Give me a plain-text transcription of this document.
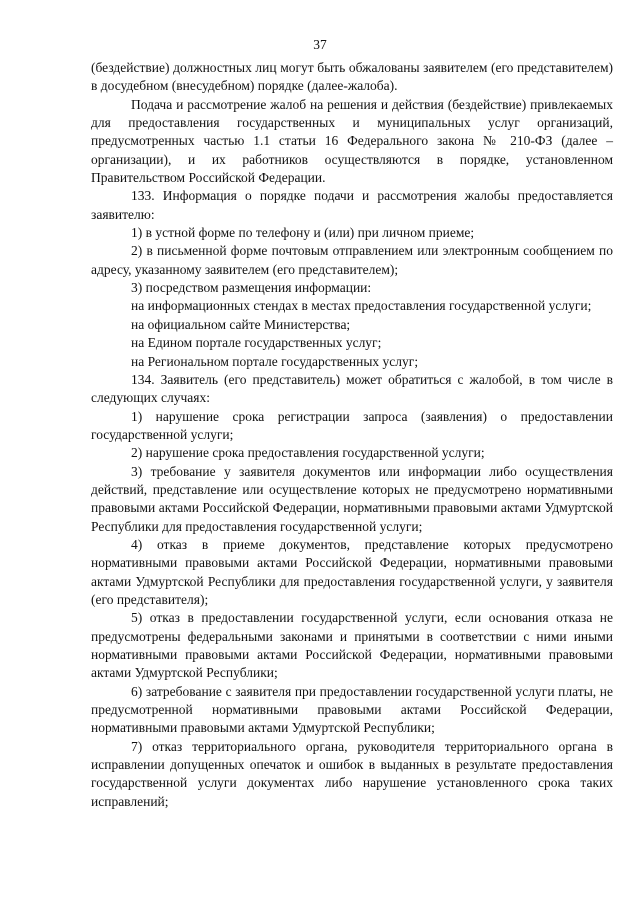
37

(бездействие) должностных лиц могут быть обжалованы заявителем (его представителем) в досудебном (внесудебном) порядке (далее-жалоба).

Подача и рассмотрение жалоб на решения и действия (бездействие) привлекаемых для предоставления государственных и муниципальных услуг организаций, предусмотренных частью 1.1 статьи 16 Федерального закона № 210-ФЗ (далее – организации), и их работников осуществляются в порядке, установленном Правительством Российской Федерации.

133. Информация о порядке подачи и рассмотрения жалобы предоставляется заявителю:

1) в устной форме по телефону и (или) при личном приеме;

2) в письменной форме почтовым отправлением или электронным сообщением по адресу, указанному заявителем (его представителем);

3) посредством размещения информации:

на информационных стендах в местах предоставления государственной услуги;

на официальном сайте Министерства;

на Едином портале государственных услуг;

на Региональном портале государственных услуг;

134. Заявитель (его представитель) может обратиться с жалобой, в том числе в следующих случаях:

1) нарушение срока регистрации запроса (заявления) о предоставлении государственной услуги;

2) нарушение срока предоставления государственной услуги;

3) требование у заявителя документов или информации либо осуществления действий, представление или осуществление которых не предусмотрено нормативными правовыми актами Российской Федерации, нормативными правовыми актами Удмуртской Республики для предоставления государственной услуги;

4) отказ в приеме документов, представление которых предусмотрено нормативными правовыми актами Российской Федерации, нормативными правовыми актами Удмуртской Республики для предоставления государственной услуги, у заявителя (его представителя);

5) отказ в предоставлении государственной услуги, если основания отказа не предусмотрены федеральными законами и принятыми в соответствии с ними иными нормативными правовыми актами Российской Федерации, нормативными правовыми актами Удмуртской Республики;

6) затребование с заявителя при предоставлении государственной услуги платы, не предусмотренной нормативными правовыми актами Российской Федерации, нормативными правовыми актами Удмуртской Республики;

7) отказ территориального органа, руководителя территориального органа в исправлении допущенных опечаток и ошибок в выданных в результате предоставления государственной услуги документах либо нарушение установленного срока таких исправлений;
